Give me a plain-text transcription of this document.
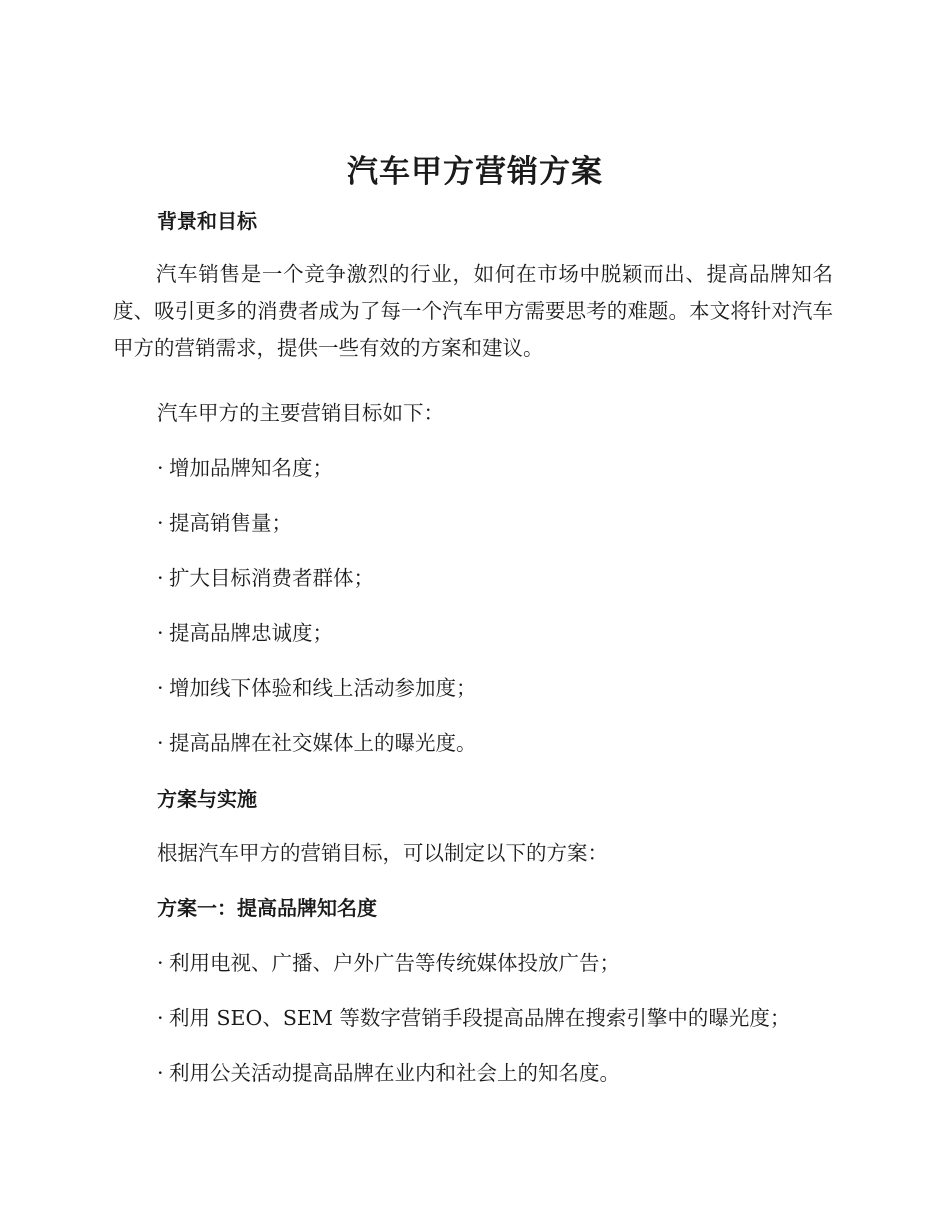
汽车甲方营销方案
背景和目标
汽车销售是一个竞争激烈的行业，如何在市场中脱颖而出、提高品牌知名度、吸引更多的消费者成为了每一个汽车甲方需要思考的难题。本文将针对汽车甲方的营销需求，提供一些有效的方案和建议。
汽车甲方的主要营销目标如下：
· 增加品牌知名度；
· 提高销售量；
· 扩大目标消费者群体；
· 提高品牌忠诚度；
· 增加线下体验和线上活动参加度；
· 提高品牌在社交媒体上的曝光度。
方案与实施
根据汽车甲方的营销目标，可以制定以下的方案：
方案一：提高品牌知名度
· 利用电视、广播、户外广告等传统媒体投放广告；
· 利用 SEO、SEM 等数字营销手段提高品牌在搜索引擎中的曝光度；
· 利用公关活动提高品牌在业内和社会上的知名度。
